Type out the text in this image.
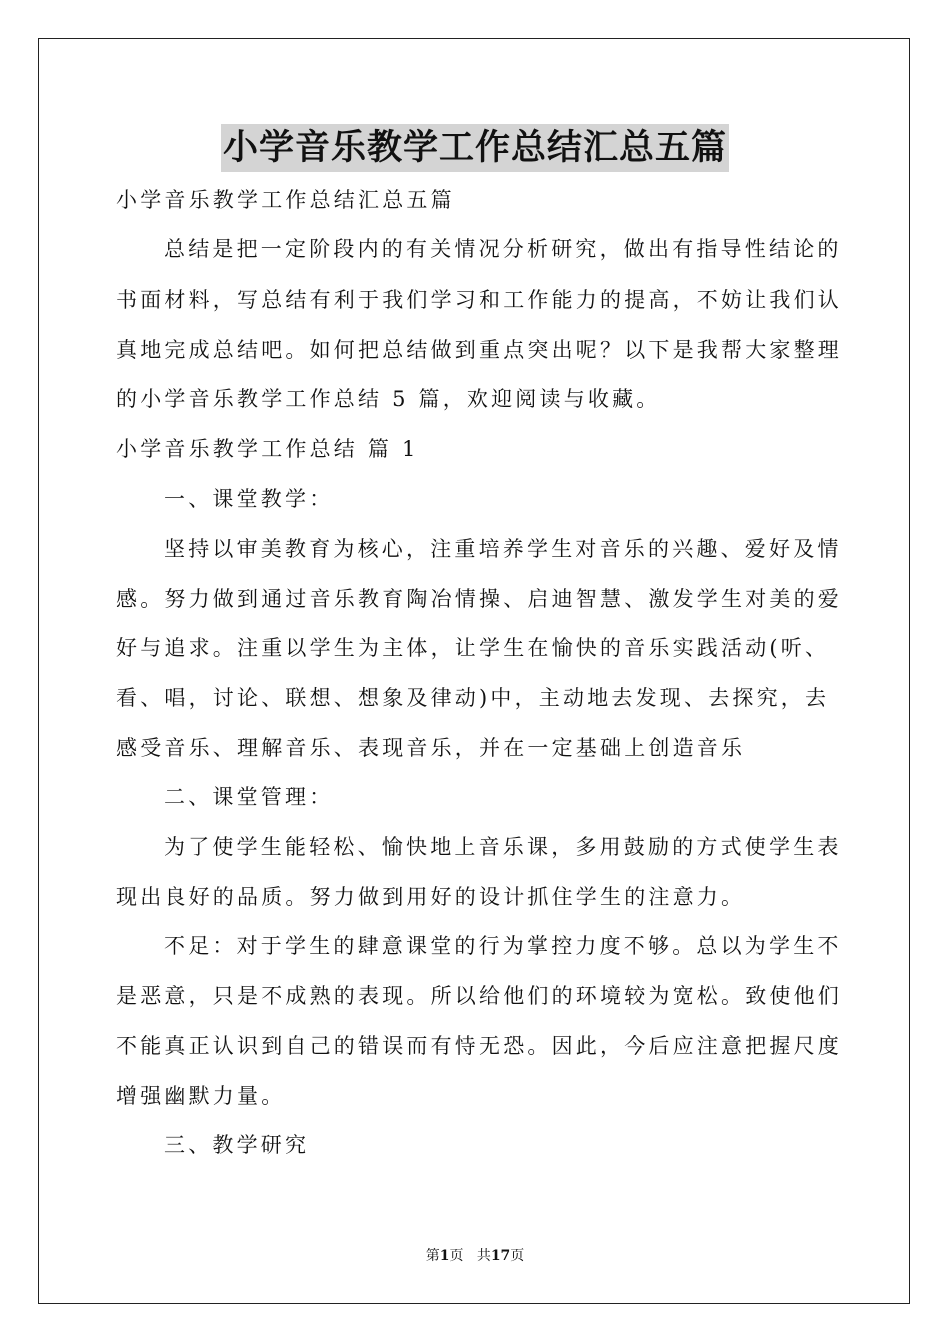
小学音乐教学工作总结汇总五篇
小学音乐教学工作总结汇总五篇
总结是把一定阶段内的有关情况分析研究，做出有指导性结论的
书面材料，写总结有利于我们学习和工作能力的提高，不妨让我们认
真地完成总结吧。如何把总结做到重点突出呢？以下是我帮大家整理
的小学音乐教学工作总结 5 篇，欢迎阅读与收藏。
小学音乐教学工作总结 篇 1
一、课堂教学：
坚持以审美教育为核心，注重培养学生对音乐的兴趣、爱好及情
感。努力做到通过音乐教育陶冶情操、启迪智慧、激发学生对美的爱
好与追求。注重以学生为主体，让学生在愉快的音乐实践活动(听、
看、唱，讨论、联想、想象及律动)中，主动地去发现、去探究，去
感受音乐、理解音乐、表现音乐，并在一定基础上创造音乐
二、课堂管理：
为了使学生能轻松、愉快地上音乐课，多用鼓励的方式使学生表
现出良好的品质。努力做到用好的设计抓住学生的注意力。
不足：对于学生的肆意课堂的行为掌控力度不够。总以为学生不
是恶意，只是不成熟的表现。所以给他们的环境较为宽松。致使他们
不能真正认识到自己的错误而有恃无恐。因此，今后应注意把握尺度
增强幽默力量。
三、教学研究
第1页 共17页
